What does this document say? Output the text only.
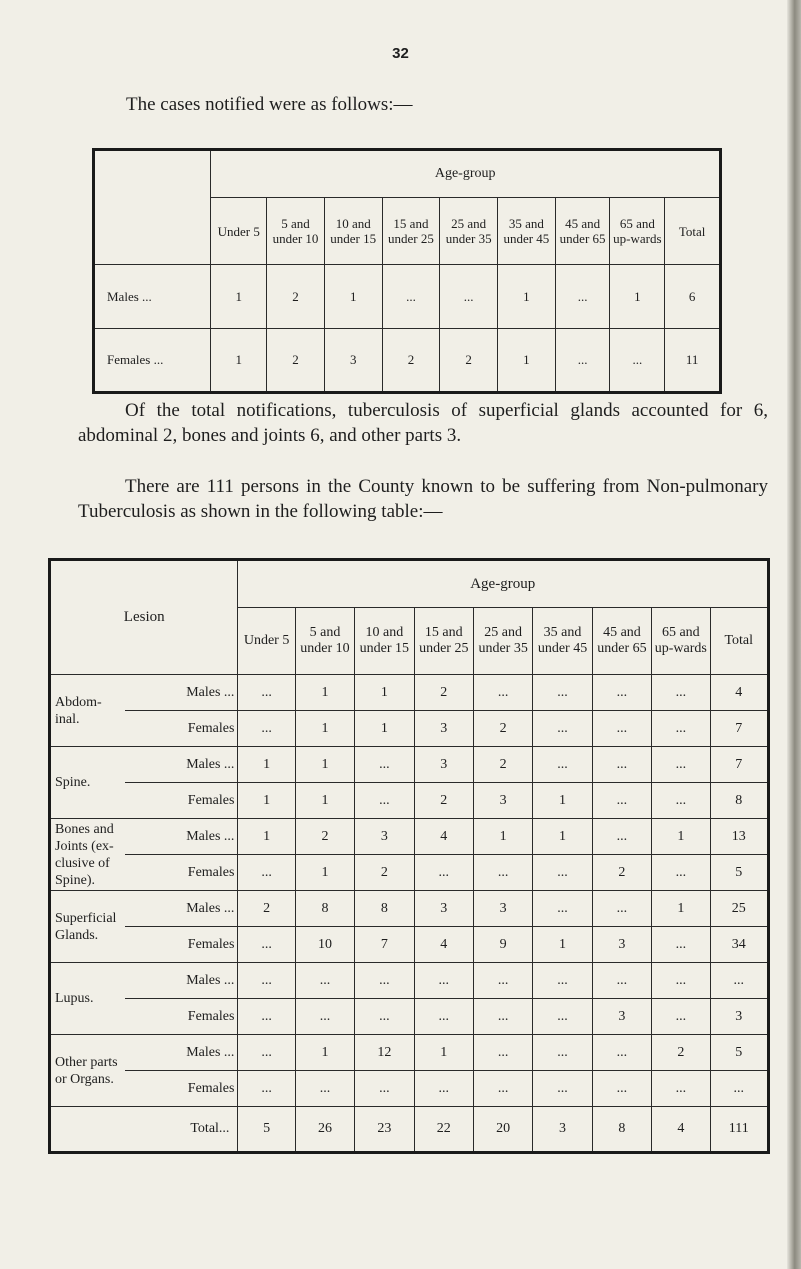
32
The cases notified were as follows:—
	Age-group								
	Under 5	5 and under 10	10 and under 15	15 and under 25	25 and under 35	35 and under 45	45 and under 65	65 and up-wards	Total
Males ...	1	2	1	...	...	1	...	1	6
Females ...	1	2	3	2	2	1	...	...	11
Of the total notifications, tuberculosis of superficial glands accounted for 6, abdominal 2, bones and joints 6, and other parts 3.
There are 111 persons in the County known to be suffering from Non-pulmonary Tuberculosis as shown in the following table:—
Lesion		Age-group								
		Under 5	5 and under 10	10 and under 15	15 and under 25	25 and under 35	35 and under 45	45 and under 65	65 and up-wards	Total
Abdom-inal.	Males ...	...	1	1	2	...	...	...	...	4
	Females	...	1	1	3	2	...	...	...	7
Spine.	Males ...	1	1	...	3	2	...	...	...	7
	Females	1	1	...	2	3	1	...	...	8
Bones and Joints (ex-clusive of Spine).	Males ...	1	2	3	4	1	1	...	1	13
	Females	...	1	2	...	...	...	2	...	5
Superficial Glands.	Males ...	2	8	8	3	3	...	...	1	25
	Females	...	10	7	4	9	1	3	...	34
Lupus.	Males ...	...	...	...	...	...	...	...	...	...
	Females	...	...	...	...	...	...	3	...	3
Other parts or Organs.	Males ...	...	1	12	1	...	...	...	2	5
	Females	...	...	...	...	...	...	...	...	...
Total...		5	26	23	22	20	3	8	4	111
